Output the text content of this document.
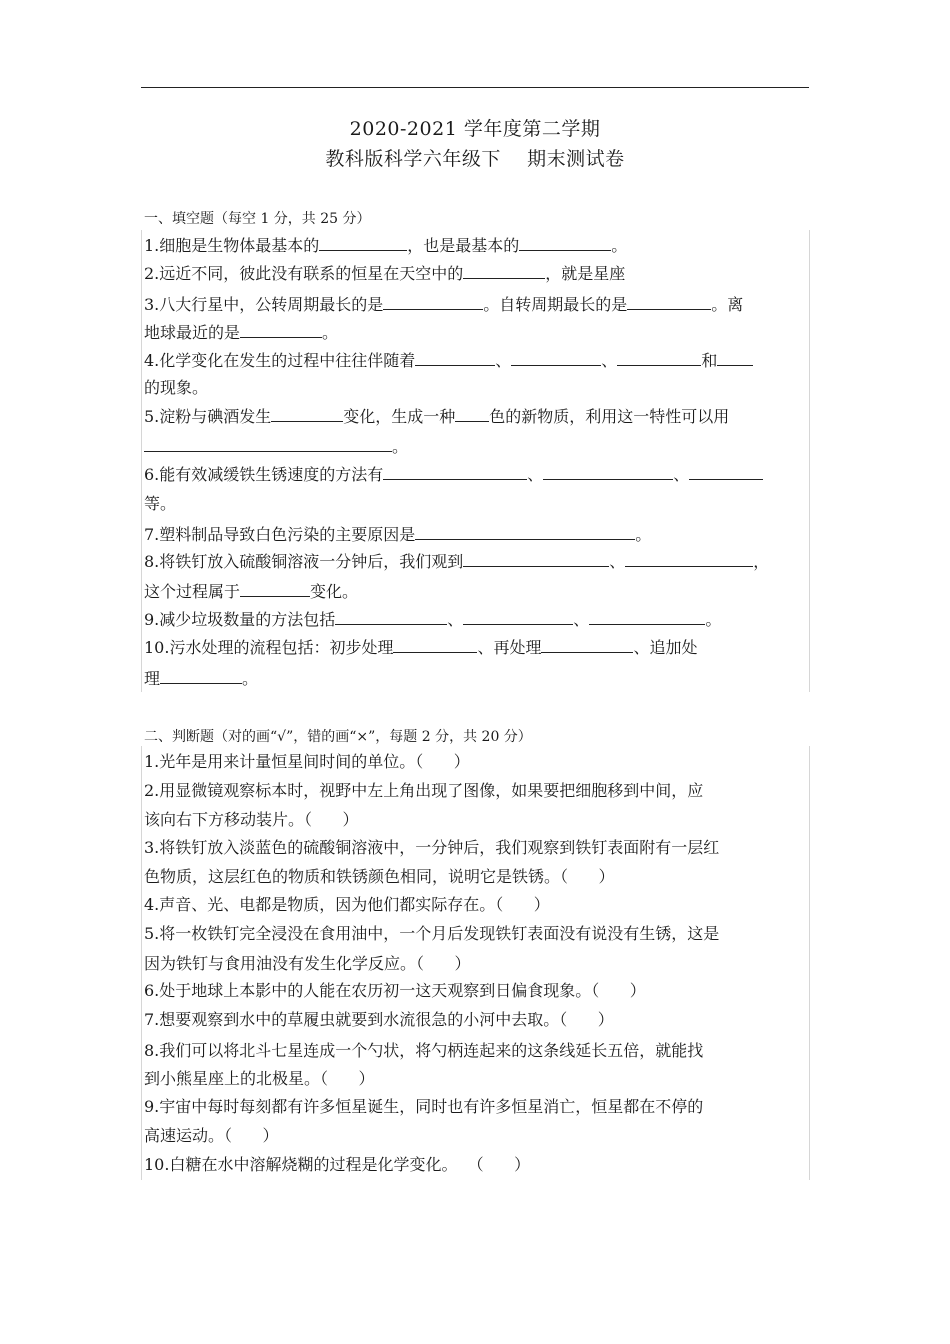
2020-2021 学年度第二学期
教科版科学六年级下    期末测试卷
一、填空题（每空 1 分，共 25 分）
1.细胞是生物体最基本的	，也是最基本的	。
2.远近不同，彼此没有联系的恒星在天空中的	，就是星座
3.八大行星中，公转周期最长的是	。自转周期最长的是	。离
地球最近的是	。
4.化学变化在发生的过程中往往伴随着	、	、	和
的现象。
5.淀粉与碘酒发生	变化，生成一种 色的新物质，利用这一特性可以用
。
6.能有效减缓铁生锈速度的方法有	、	、
等。
7.塑料制品导致白色污染的主要原因是	。
8.将铁钉放入硫酸铜溶液一分钟后，我们观到	、	，
这个过程属于	变化。
9.减少垃圾数量的方法包括	、	、	。
10.污水处理的流程包括：初步处理	、再处理	、追加处
理	。
二、判断题（对的画“√”，错的画“×”，每题 2 分，共 20 分）
1.光年是用来计量恒星间时间的单位。（      ）
2.用显微镜观察标本时，视野中左上角出现了图像，如果要把细胞移到中间，应
该向右下方移动装片。（      ）
3.将铁钉放入淡蓝色的硫酸铜溶液中，一分钟后，我们观察到铁钉表面附有一层红
色物质，这层红色的物质和铁锈颜色相同，说明它是铁锈。（      ）
4.声音、光、电都是物质，因为他们都实际存在。（      ）
5.将一枚铁钉完全浸没在食用油中，一个月后发现铁钉表面没有说没有生锈，这是
因为铁钉与食用油没有发生化学反应。（      ）
6.处于地球上本影中的人能在农历初一这天观察到日偏食现象。（      ）
7.想要观察到水中的草履虫就要到水流很急的小河中去取。（      ）
8.我们可以将北斗七星连成一个勺状，将勺柄连起来的这条线延长五倍，就能找
到小熊星座上的北极星。（      ）
9.宇宙中每时每刻都有许多恒星诞生，同时也有许多恒星消亡，恒星都在不停的
高速运动。（      ）
10.白糖在水中溶解烧糊的过程是化学变化。  （      ）
